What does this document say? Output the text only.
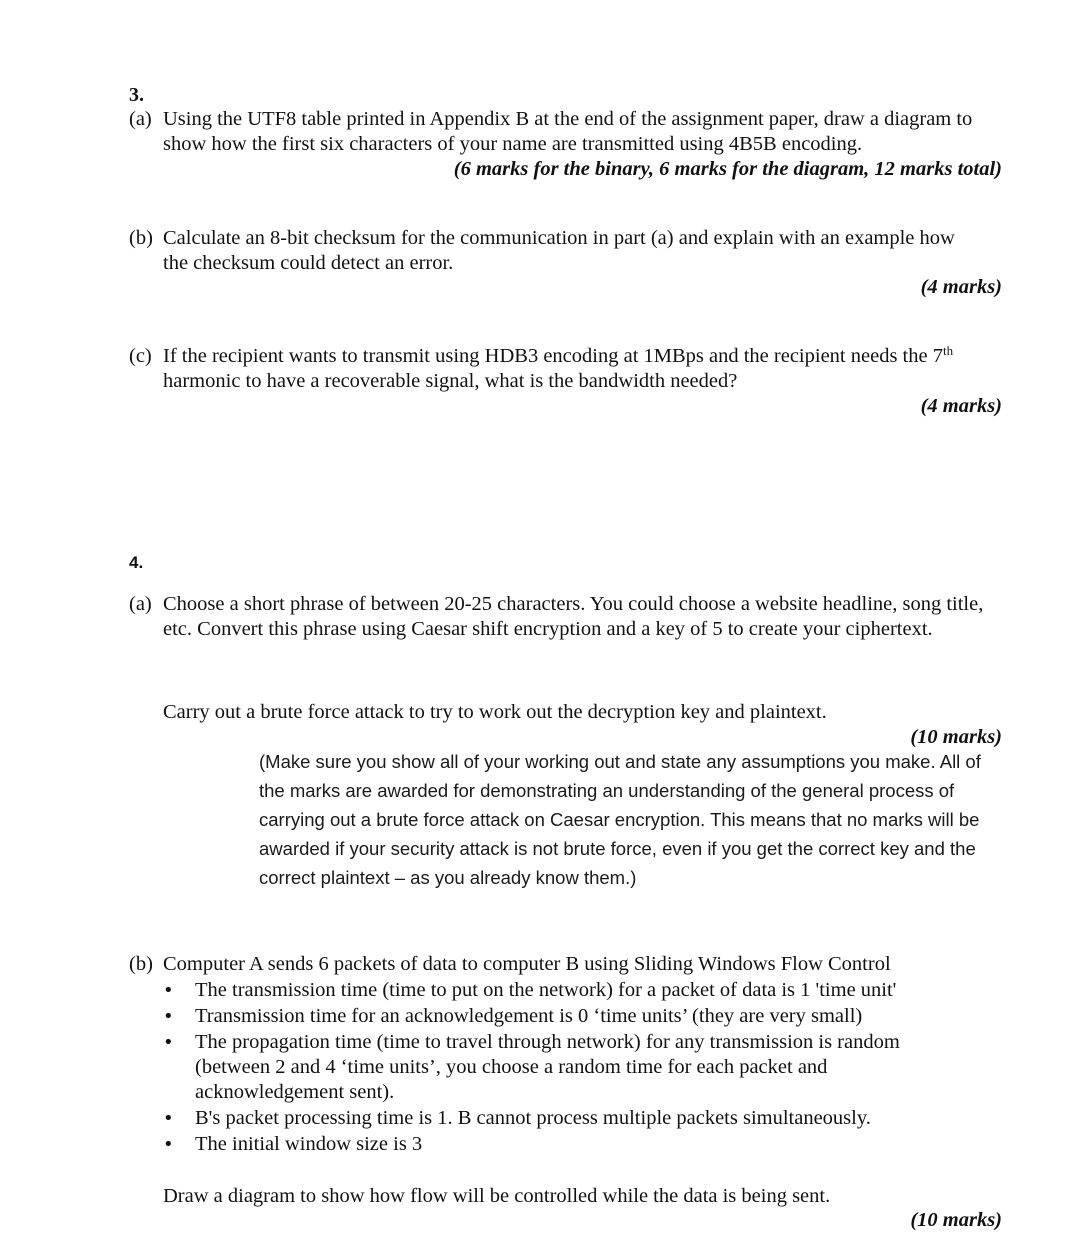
3.
(a) Using the UTF8 table printed in Appendix B at the end of the assignment paper, draw a diagram to show how the first six characters of your name are transmitted using 4B5B encoding.
(6 marks for the binary, 6 marks for the diagram, 12 marks total)
(b) Calculate an 8-bit checksum for the communication in part (a) and explain with an example how the checksum could detect an error.
(4 marks)
(c) If the recipient wants to transmit using HDB3 encoding at 1MBps and the recipient needs the 7th harmonic to have a recoverable signal, what is the bandwidth needed?
(4 marks)
4.
(a) Choose a short phrase of between 20-25 characters. You could choose a website headline, song title, etc. Convert this phrase using Caesar shift encryption and a key of 5 to create your ciphertext.
Carry out a brute force attack to try to work out the decryption key and plaintext.
(10 marks)
(Make sure you show all of your working out and state any assumptions you make. All of the marks are awarded for demonstrating an understanding of the general process of carrying out a brute force attack on Caesar encryption. This means that no marks will be awarded if your security attack is not brute force, even if you get the correct key and the correct plaintext – as you already know them.)
(b) Computer A sends 6 packets of data to computer B using Sliding Windows Flow Control
• The transmission time (time to put on the network) for a packet of data is 1 'time unit'
• Transmission time for an acknowledgement is 0 ‘time units’ (they are very small)
• The propagation time (time to travel through network) for any transmission is random (between 2 and 4 ‘time units’, you choose a random time for each packet and acknowledgement sent).
• B's packet processing time is 1. B cannot process multiple packets simultaneously.
• The initial window size is 3
Draw a diagram to show how flow will be controlled while the data is being sent.
(10 marks)
